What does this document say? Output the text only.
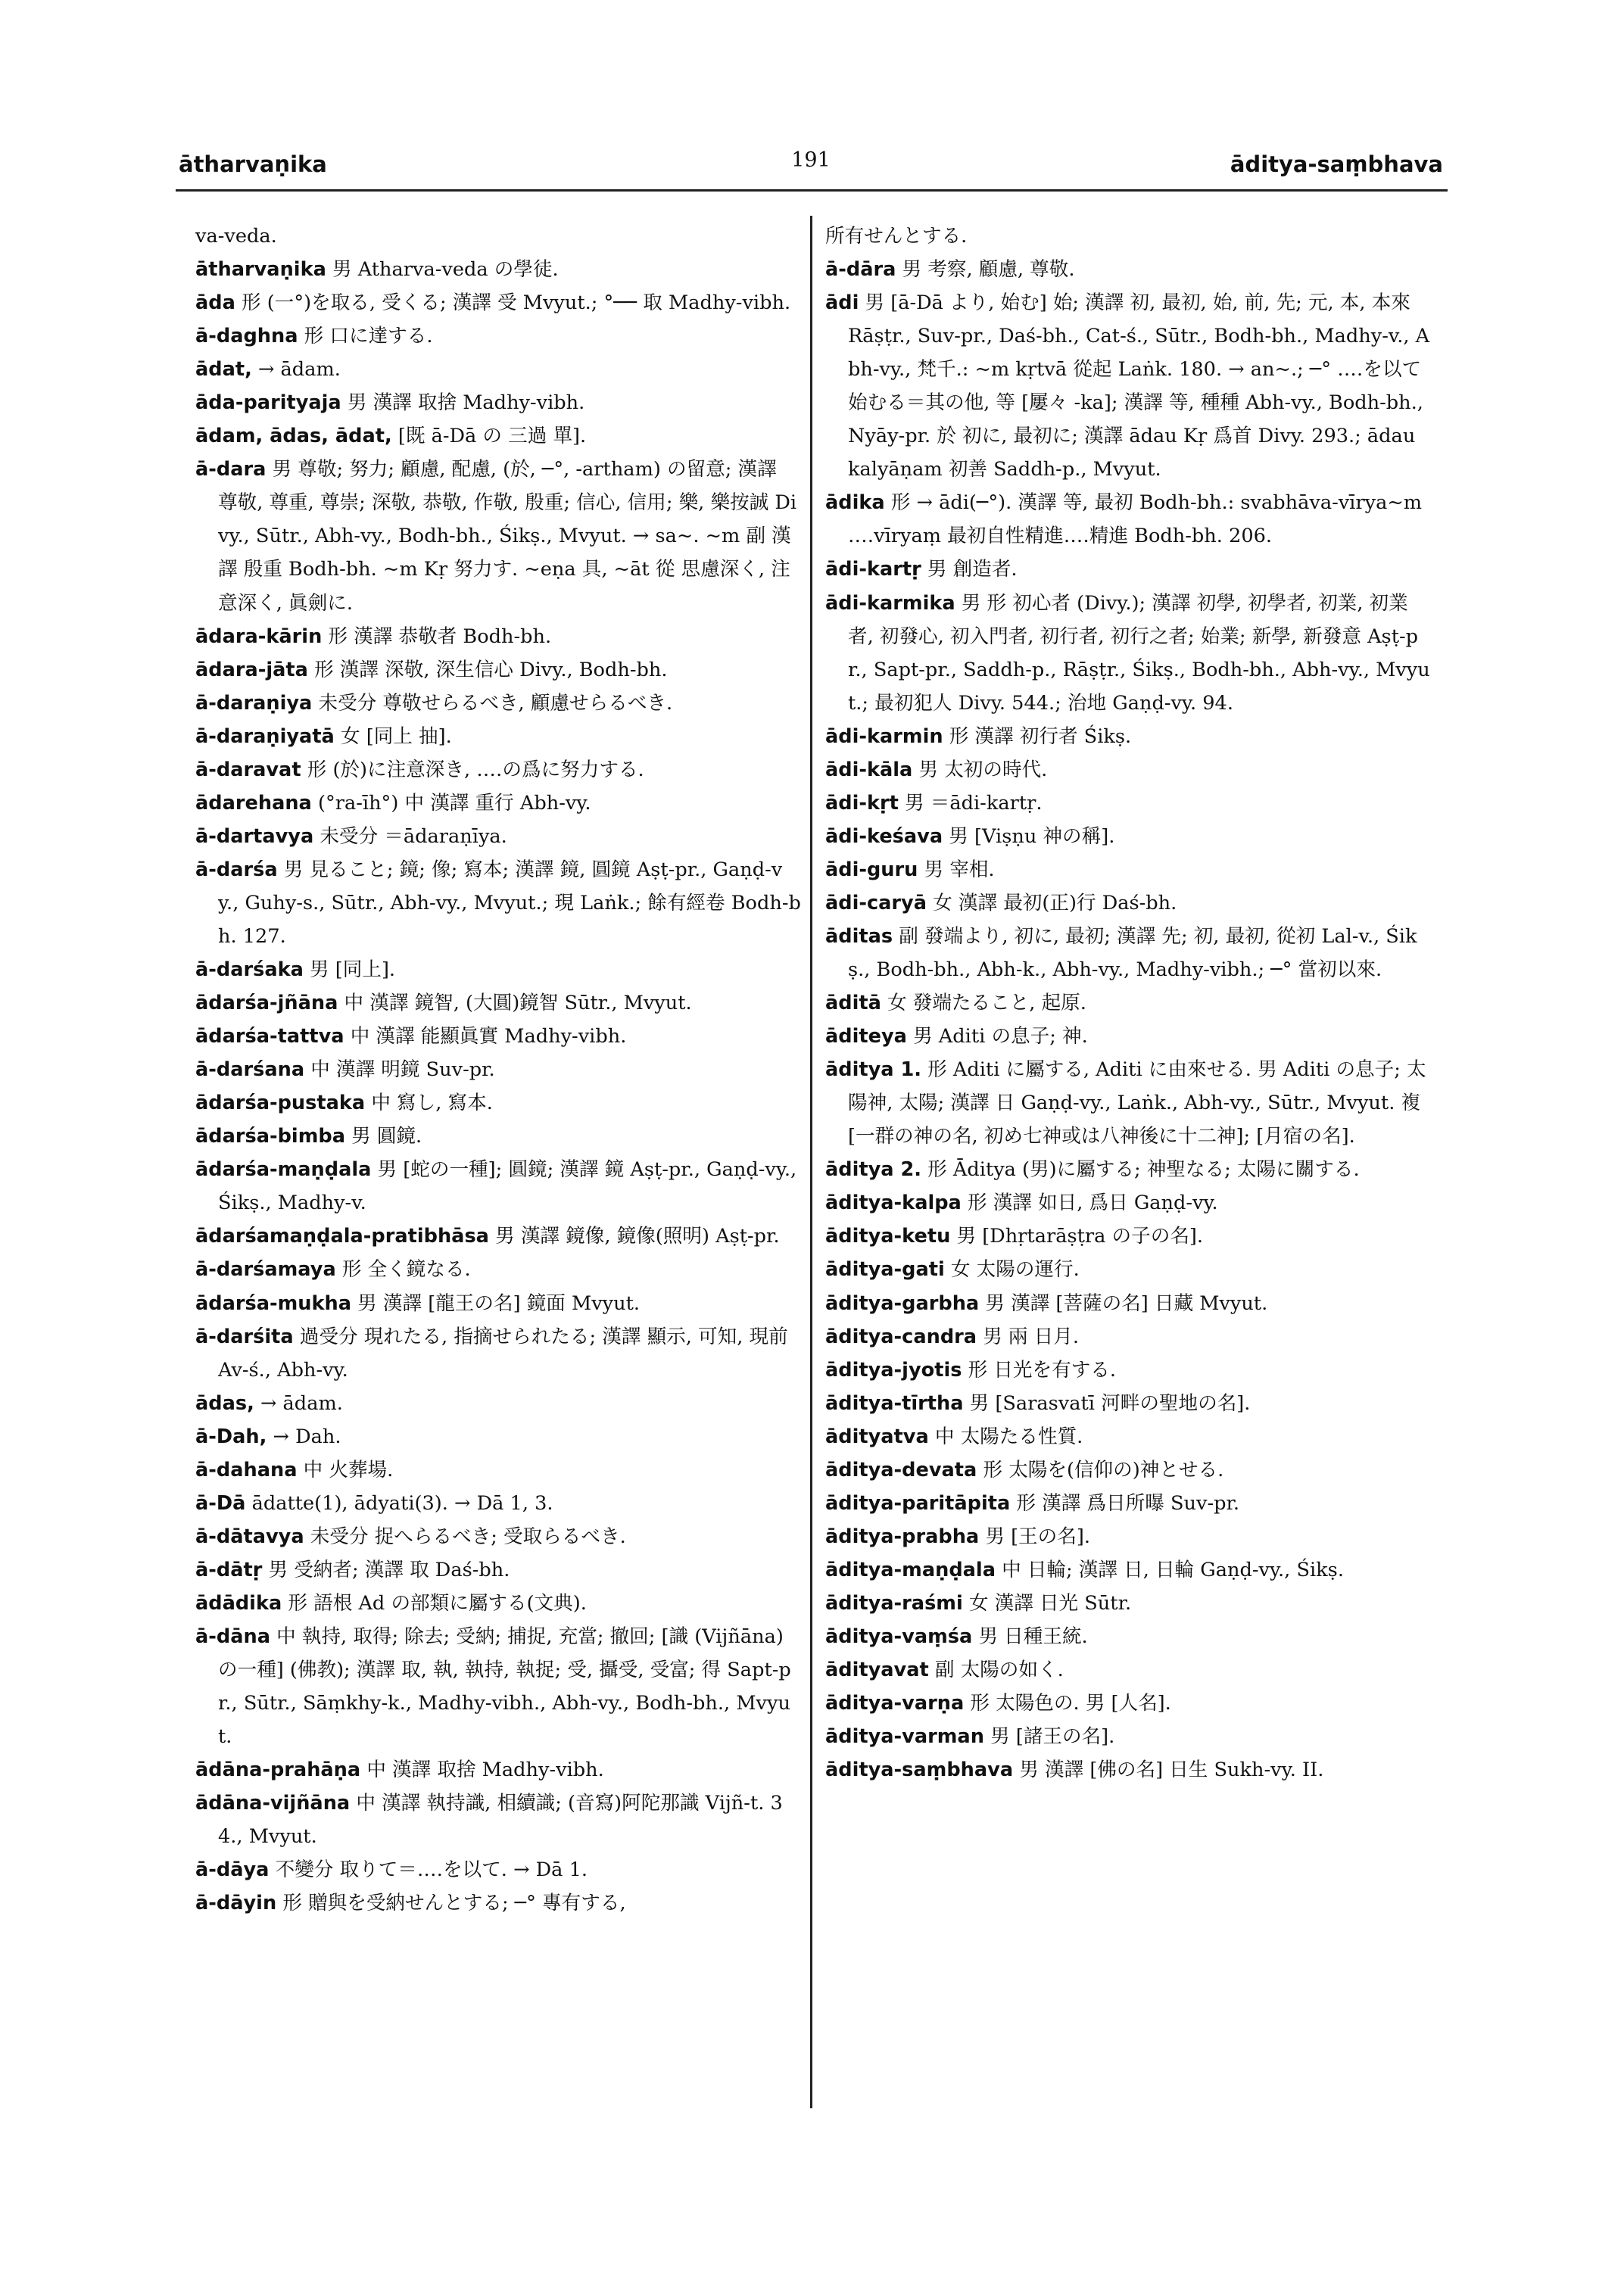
ātharvaṇika	191	āditya-saṃbhava
va-veda.
ātharvaṇika 男 Atharva-veda の學徒.
āda 形 (一°)を取る, 受くる; 漢譯 受 Mvyut.; °── 取 Madhy-vibh.
ā-daghna 形 口に達する.
ādat, → ādam.
āda-parityaja 男 漢譯 取捨 Madhy-vibh.
ādam, ādas, ādat, [既 ā-Dā の 三過 單].
ā-dara 男 尊敬; 努力; 顧慮, 配慮, (於, ─°, -artham) の留意; 漢譯 尊敬, 尊重, 尊崇; 深敬, 恭敬, 作敬, 殷重; 信心, 信用; 樂, 樂按誠 Divy., Sūtr., Abh-vy., Bodh-bh., Śikṣ., Mvyut. → sa~. ~m 副 漢譯 殷重 Bodh-bh. ~m Kṛ 努力す. ~eṇa 具, ~āt 從 思慮深く, 注意深く, 眞劍に.
ādara-kārin 形 漢譯 恭敬者 Bodh-bh.
ādara-jāta 形 漢譯 深敬, 深生信心 Divy., Bodh-bh.
ā-daraṇiya 未受分 尊敬せらるべき, 顧慮せらるべき.
ā-daraṇiyatā 女 [同上 抽].
ā-daravat 形 (於)に注意深き, ‥‥の爲に努力する.
ādarehana (°ra-īh°) 中 漢譯 重行 Abh-vy.
ā-dartavya 未受分 ＝ādaraṇīya.
ā-darśa 男 見ること; 鏡; 像; 寫本; 漢譯 鏡, 圓鏡 Aṣṭ-pr., Gaṇḍ-vy., Guhy-s., Sūtr., Abh-vy., Mvyut.; 現 Laṅk.; 餘有經卷 Bodh-bh. 127.
ā-darśaka 男 [同上].
ādarśa-jñāna 中 漢譯 鏡智, (大圓)鏡智 Sūtr., Mvyut.
ādarśa-tattva 中 漢譯 能顯眞實 Madhy-vibh.
ā-darśana 中 漢譯 明鏡 Suv-pr.
ādarśa-pustaka 中 寫し, 寫本.
ādarśa-bimba 男 圓鏡.
ādarśa-maṇḍala 男 [蛇の一種]; 圓鏡; 漢譯 鏡 Aṣṭ-pr., Gaṇḍ-vy., Śikṣ., Madhy-v.
ādarśamaṇḍala-pratibhāsa 男 漢譯 鏡像, 鏡像(照明) Aṣṭ-pr.
ā-darśamaya 形 全く鏡なる.
ādarśa-mukha 男 漢譯 [龍王の名] 鏡面 Mvyut.
ā-darśita 過受分 現れたる, 指摘せられたる; 漢譯 顯示, 可知, 現前 Av-ś., Abh-vy.
ādas, → ādam.
ā-Dah, → Dah.
ā-dahana 中 火葬場.
ā-Dā ādatte(1), ādyati(3). → Dā 1, 3.
ā-dātavya 未受分 捉へらるべき; 受取らるべき.
ā-dātṛ 男 受納者; 漢譯 取 Daś-bh.
ādādika 形 語根 Ad の部類に屬する(文典).
ā-dāna 中 執持, 取得; 除去; 受納; 捕捉, 充當; 撤回; [識 (Vijñāna) の一種] (佛教); 漢譯 取, 執, 執持, 執捉; 受, 攝受, 受富; 得 Sapt-pr., Sūtr., Sāṃkhy-k., Madhy-vibh., Abh-vy., Bodh-bh., Mvyut.
ādāna-prahāṇa 中 漢譯 取捨 Madhy-vibh.
ādāna-vijñāna 中 漢譯 執持識, 相續識; (音寫)阿陀那識 Vijñ-t. 34., Mvyut.
ā-dāya 不變分 取りて＝‥‥を以て. → Dā 1.
ā-dāyin 形 贈與を受納せんとする; ─° 專有する,
所有せんとする.
ā-dāra 男 考察, 顧慮, 尊敬.
ādi 男 [ā-Dā より, 始む] 始; 漢譯 初, 最初, 始, 前, 先; 元, 本, 本來 Rāṣṭr., Suv-pr., Daś-bh., Cat-ś., Sūtr., Bodh-bh., Madhy-v., Abh-vy., 梵千.: ~m kṛtvā 從起 Laṅk. 180. → an~.; ─° ‥‥を以て始むる＝其の他, 等 [屢々 -ka]; 漢譯 等, 種種 Abh-vy., Bodh-bh., Nyāy-pr. 於 初に, 最初に; 漢譯 ādau Kṛ 爲首 Divy. 293.; ādau kalyāṇam 初善 Saddh-p., Mvyut.
ādika 形 → ādi(─°). 漢譯 等, 最初 Bodh-bh.: svabhāva-vīrya~m ‥‥vīryaṃ 最初自性精進‥‥精進 Bodh-bh. 206.
ādi-kartṛ 男 創造者.
ādi-karmika 男 形 初心者 (Divy.); 漢譯 初學, 初學者, 初業, 初業者, 初發心, 初入門者, 初行者, 初行之者; 始業; 新學, 新發意 Aṣṭ-pr., Sapt-pr., Saddh-p., Rāṣṭr., Śikṣ., Bodh-bh., Abh-vy., Mvyut.; 最初犯人 Divy. 544.; 治地 Gaṇḍ-vy. 94.
ādi-karmin 形 漢譯 初行者 Śikṣ.
ādi-kāla 男 太初の時代.
ādi-kṛt 男 ＝ādi-kartṛ.
ādi-keśava 男 [Viṣṇu 神の稱].
ādi-guru 男 宰相.
ādi-caryā 女 漢譯 最初(正)行 Daś-bh.
āditas 副 發端より, 初に, 最初; 漢譯 先; 初, 最初, 從初 Lal-v., Śikṣ., Bodh-bh., Abh-k., Abh-vy., Madhy-vibh.; ─° 當初以來.
āditā 女 發端たること, 起原.
āditeya 男 Aditi の息子; 神.
āditya 1. 形 Aditi に屬する, Aditi に由來せる. 男 Aditi の息子; 太陽神, 太陽; 漢譯 日 Gaṇḍ-vy., Laṅk., Abh-vy., Sūtr., Mvyut. 複 [一群の神の名, 初め七神或は八神後に十二神]; [月宿の名].
āditya 2. 形 Āditya (男)に屬する; 神聖なる; 太陽に關する.
āditya-kalpa 形 漢譯 如日, 爲日 Gaṇḍ-vy.
āditya-ketu 男 [Dhṛtarāṣṭra の子の名].
āditya-gati 女 太陽の運行.
āditya-garbha 男 漢譯 [菩薩の名] 日藏 Mvyut.
āditya-candra 男 兩 日月.
āditya-jyotis 形 日光を有する.
āditya-tīrtha 男 [Sarasvatī 河畔の聖地の名].
ādityatva 中 太陽たる性質.
āditya-devata 形 太陽を(信仰の)神とせる.
āditya-paritāpita 形 漢譯 爲日所曝 Suv-pr.
āditya-prabha 男 [王の名].
āditya-maṇḍala 中 日輪; 漢譯 日, 日輪 Gaṇḍ-vy., Śikṣ.
āditya-raśmi 女 漢譯 日光 Sūtr.
āditya-vaṃśa 男 日種王統.
ādityavat 副 太陽の如く.
āditya-varṇa 形 太陽色の. 男 [人名].
āditya-varman 男 [諸王の名].
āditya-saṃbhava 男 漢譯 [佛の名] 日生 Sukh-vy. II.
